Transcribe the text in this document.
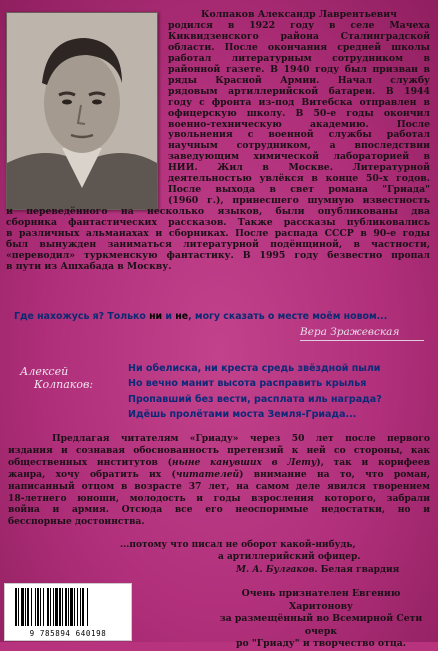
Колпаков Александр Лаврентьевич
родился в 1922 году в селе Мачеха
Киквидзенского района Сталинградской
области. После окончания средней школы
работал литературным сотрудником в
районной газете. В 1940 году был призван в
ряды Красной Армии. Начал службу
рядовым артиллерийской батареи. В 1944
году с фронта из-под Витебска отправлен в
офицерскую школу. В 50-е годы окончил
военно-техническую академию. После
увольнения с военной службы работал
научным сотрудником, а впоследствии
заведующим химической лабораторией в
НИИ. Жил в Москве. Литературной
деятельностью увлёкся в конце 50-х годов.
После выхода в свет романа "Гриада"
(1960 г.), принесшего шумную известность
и переведённого на несколько языков, были опубликованы два
сборника фантастических рассказов. Также рассказы публиковались
в различных альманахах и сборниках. После распада СССР в 90-е годы
был вынужден заниматься литературной подёнщиной, в частности,
«переводил» туркменскую фантастику. В 1995 году безвестно пропал
в пути из Ашхабада в Москву.
Где нахожусь я? Только ни и не, могу сказать о месте моём новом...
Вера Зражевская
Алексей
Колпаков:
Ни обелиска, ни креста средь звёздной пыли
Но вечно манит высота расправить крылья
Пропавший без вести, расплата иль награда?
Идёшь пролётами моста Земля-Гриада...
Предлагая читателям «Гриаду» через 50 лет после первого
издания и сознавая обоснованность претензий к ней со стороны, как
общественных институтов (ныне канувших в Лету), так и корифеев
жанра, хочу обратить их (читателей) внимание на то, что роман,
написанный отцом в возрасте 37 лет, на самом деле явился творением
18-летнего юноши, молодость и годы взросления которого, забрали
война и армия. Отсюда все его неоспоримые недостатки, но и
бесспорные достоинства.
...потому что писал не оборот какой-нибудь,
а артиллерийский офицер.
М. А. Булгаков. Белая гвардия
9 785894 640198
Очень признателен Евгению Харитонову
за размещённый во Всемирной Сети очерк
ро "Гриаду" и творчество отца.
